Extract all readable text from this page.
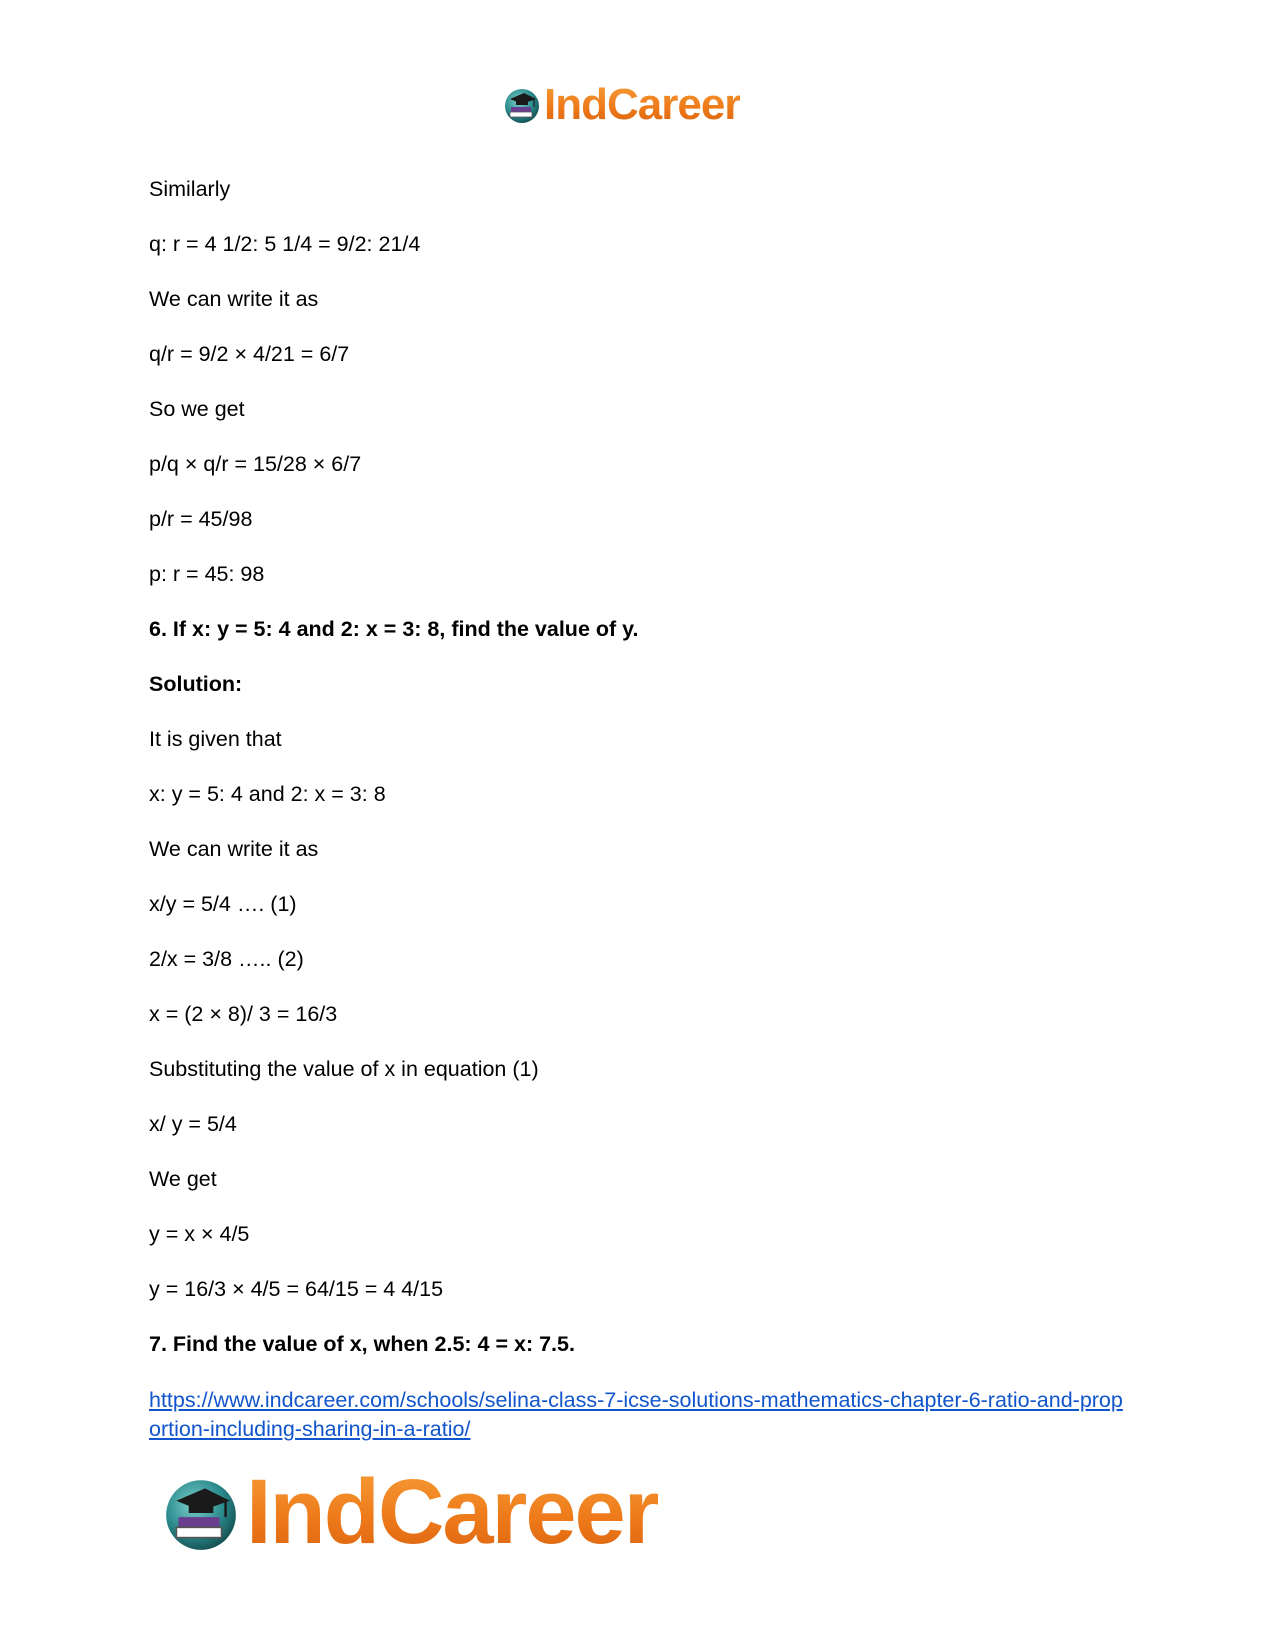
IndCareer
Similarly
q: r = 4 1/2: 5 1/4 = 9/2: 21/4
We can write it as
q/r = 9/2 × 4/21 = 6/7
So we get
p/q × q/r = 15/28 × 6/7
p/r = 45/98
p: r = 45: 98
6. If x: y = 5: 4 and 2: x = 3: 8, find the value of y.
Solution:
It is given that
x: y = 5: 4 and 2: x = 3: 8
We can write it as
x/y = 5/4 …. (1)
2/x = 3/8 ….. (2)
x = (2 × 8)/ 3 = 16/3
Substituting the value of x in equation (1)
x/ y = 5/4
We get
y = x × 4/5
y = 16/3 × 4/5 = 64/15 = 4 4/15
7. Find the value of x, when 2.5: 4 = x: 7.5.
https://www.indcareer.com/schools/selina-class-7-icse-solutions-mathematics-chapter-6-ratio-and-proportion-including-sharing-in-a-ratio/
IndCareer
